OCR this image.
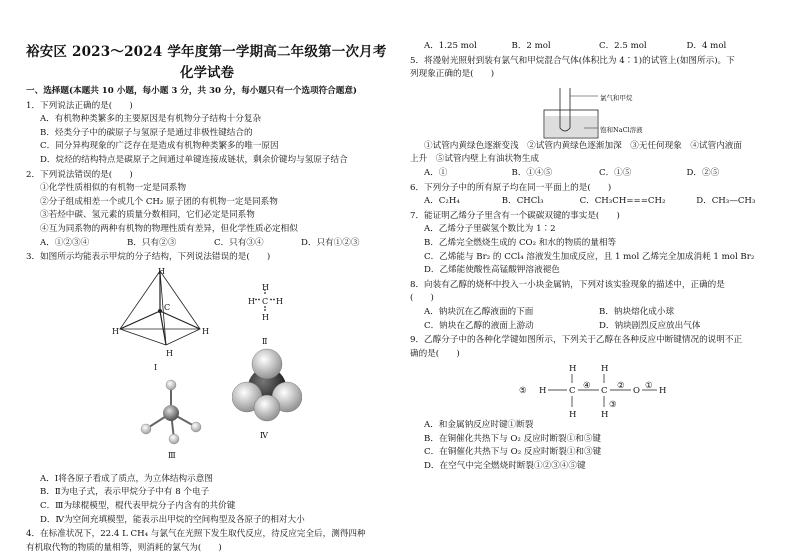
裕安区 2023～2024 学年度第一学期高二年级第一次月考
化学试卷
一、选择题(本题共 10 小题，每小题 3 分，共 30 分，每小题只有一个选项符合题意)
1．下列说法正确的是(　　)
A．有机物种类繁多的主要原因是有机物分子结构十分复杂
B．烃类分子中的碳原子与氢原子是通过非极性键结合的
C．同分异构现象的广泛存在是造成有机物种类繁多的唯一原因
D．烷烃的结构特点是碳原子之间通过单键连接成链状，剩余价键均与氢原子结合
2．下列说法错误的是(　　)
①化学性质相似的有机物一定是同系物
②分子组成相差一个或几个 CH₂ 原子团的有机物一定是同系物
③若烃中碳、氢元素的质量分数相同，它们必定是同系物
④互为同系物的两种有机物的物理性质有差异，但化学性质必定相似
A．①②③④	B．只有②③	C．只有③④	D．只有①②③
3．如图所示均能表示甲烷的分子结构，下列说法错误的是(　　)
H
H	H
H
C
Ⅰ
H
H C H
H
Ⅱ
Ⅲ
Ⅳ
A．Ⅰ将各原子看成了质点，为立体结构示意图
B．Ⅱ为电子式，表示甲烷分子中有 8 个电子
C．Ⅲ为球棍模型，棍代表甲烷分子内含有的共价键
D．Ⅳ为空间充填模型，能表示出甲烷的空间构型及各原子的相对大小
4．在标准状况下，22.4 L CH₄ 与氯气在光照下发生取代反应，待反应完全后，测得四种
有机取代物的物质的量相等，则消耗的氯气为(　　)
A．1.25 mol	B．2 mol	C．2.5 mol	D．4 mol
5．将漫射光照射到装有氯气和甲烷混合气体(体积比为 4∶1)的试管上(如图所示)。下
列现象正确的是(　　)
氯气和甲烷
饱和NaCl溶液
①试管内黄绿色逐渐变浅　②试管内黄绿色逐渐加深　③无任何现象　④试管内液面
上升　⑤试管内壁上有油状物生成
A．①	B．①④⑤	C．①⑤	D．②⑤
6．下列分子中的所有原子均在同一平面上的是(　　)
A．C₂H₄	B．CHCl₃	C．CH₃CH===CH₂	D．CH₃—CH₃
7．能证明乙烯分子里含有一个碳碳双键的事实是(　　)
A．乙烯分子里碳氢个数比为 1∶2
B．乙烯完全燃烧生成的 CO₂ 和水的物质的量相等
C．乙烯能与 Br₂ 的 CCl₄ 溶液发生加成反应，且 1 mol 乙烯完全加成消耗 1 mol Br₂
D．乙烯能使酸性高锰酸钾溶液褪色
8．向装有乙醇的烧杯中投入一小块金属钠，下列对该实验现象的描述中，正确的是
(　　)
A．钠块沉在乙醇液面的下面	B．钠块熔化成小球
C．钠块在乙醇的液面上游动	D．钠块剧烈反应放出气体
9．乙醇分子中的各种化学键如图所示，下列关于乙醇在各种反应中断键情况的说明不正
确的是(　　)
H	H
C	C	O H
H
H	H
⑤	④	② ①
③
A．和金属钠反应时键①断裂
B．在铜催化共热下与 O₂ 反应时断裂①和⑤键
C．在铜催化共热下与 O₂ 反应时断裂①和③键
D．在空气中完全燃烧时断裂①②③④⑤键
